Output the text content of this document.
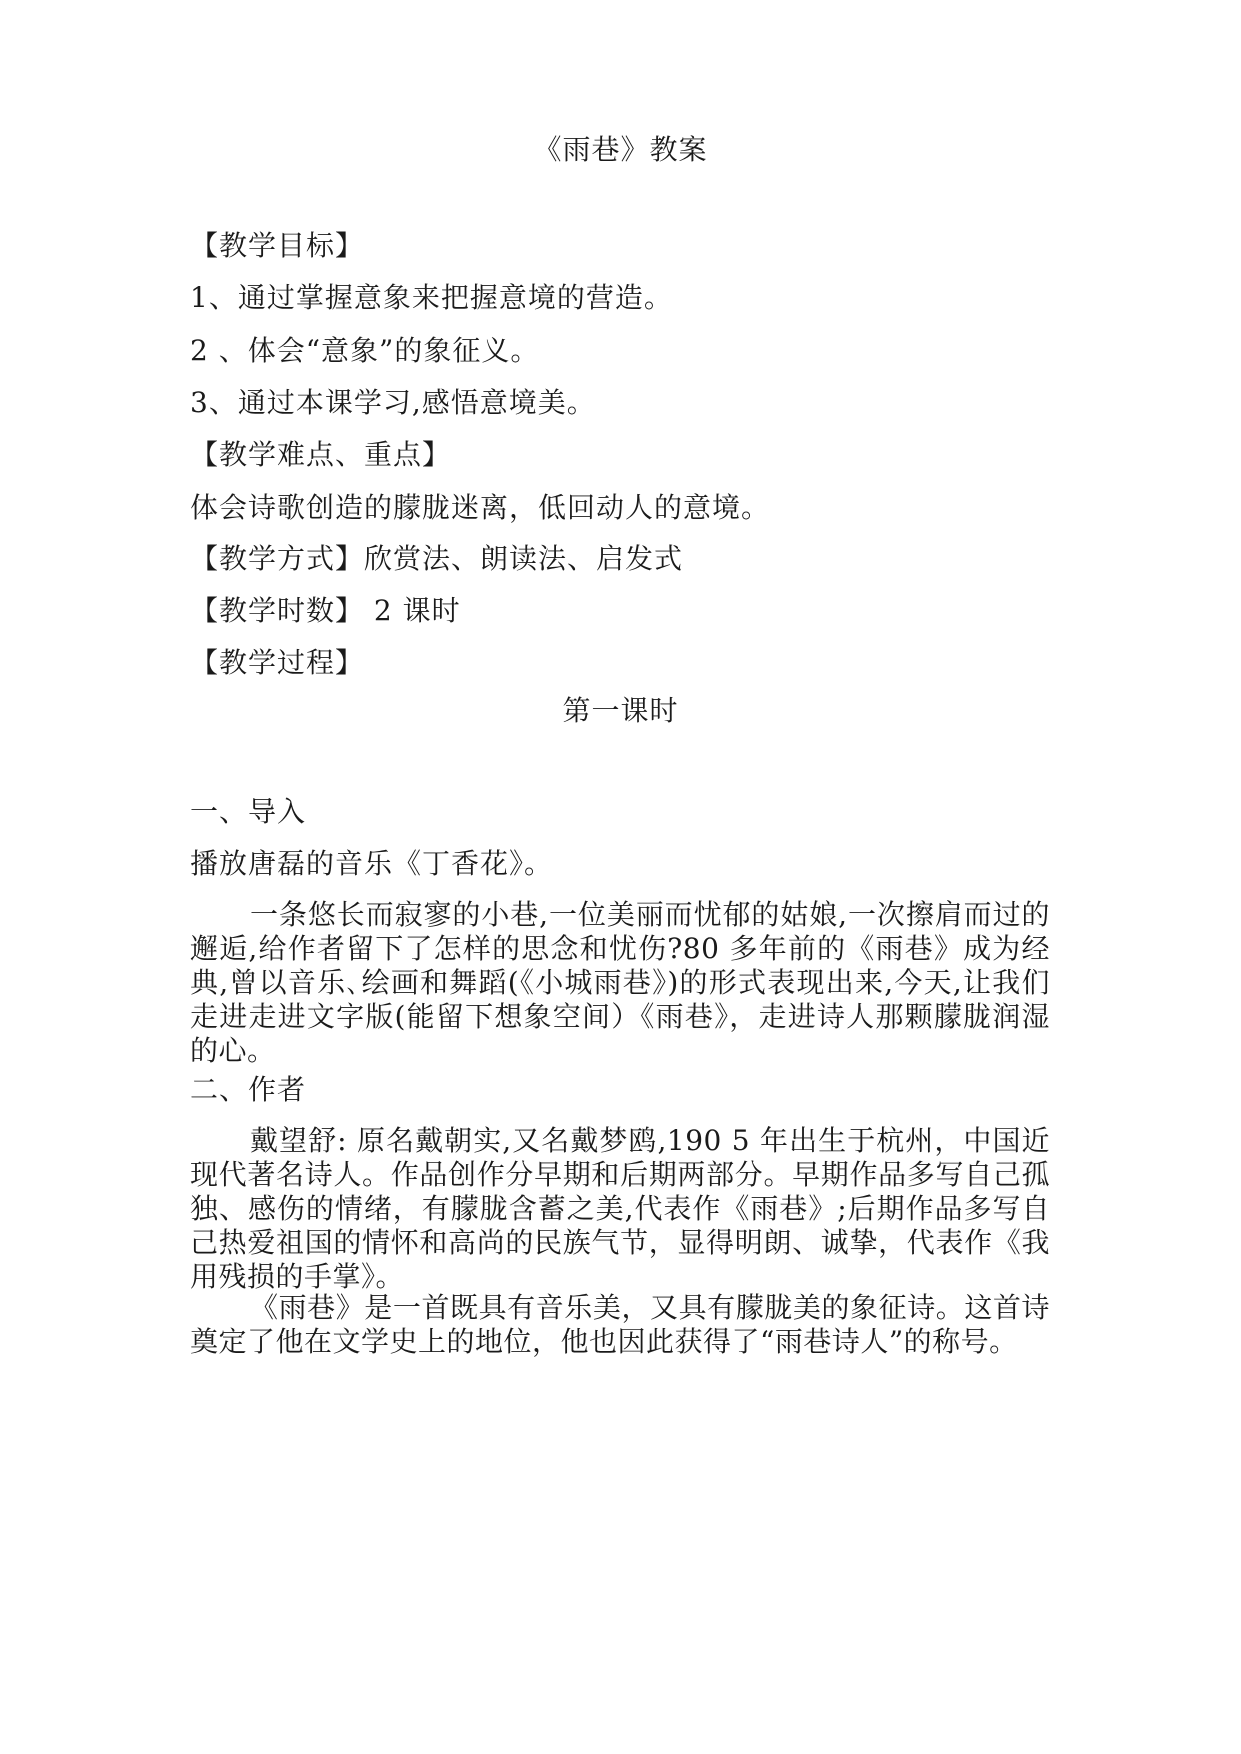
《雨巷》教案
【教学目标】
1、通过掌握意象来把握意境的营造。
2 、体会“意象”的象征义。
3、通过本课学习,感悟意境美。
【教学难点、重点】
体会诗歌创造的朦胧迷离，低回动人的意境。
【教学方式】欣赏法、朗读法、启发式
【教学时数】 2 课时
【教学过程】
第一课时
一、导入
播放唐磊的音乐《丁香花》。
一条悠长而寂寥的小巷,一位美丽而忧郁的姑娘,一次擦肩而过的邂逅,给作者留下了怎样的思念和忧伤?80 多年前的《雨巷》成为经典,曾以音乐､绘画和舞蹈(《小城雨巷》)的形式表现出来,今天,让我们走进走进文字版(能留下想象空间）《雨巷》，走进诗人那颗朦胧润湿的心。
二、作者
戴望舒: 原名戴朝实,又名戴梦鸥,190 5 年出生于杭州，中国近现代著名诗人。作品创作分早期和后期两部分。早期作品多写自己孤独、感伤的情绪，有朦胧含蓄之美,代表作《雨巷》;后期作品多写自己热爱祖国的情怀和高尚的民族气节，显得明朗、诚挚，代表作《我用残损的手掌》。
《雨巷》是一首既具有音乐美，又具有朦胧美的象征诗。这首诗奠定了他在文学史上的地位，他也因此获得了“雨巷诗人”的称号。
